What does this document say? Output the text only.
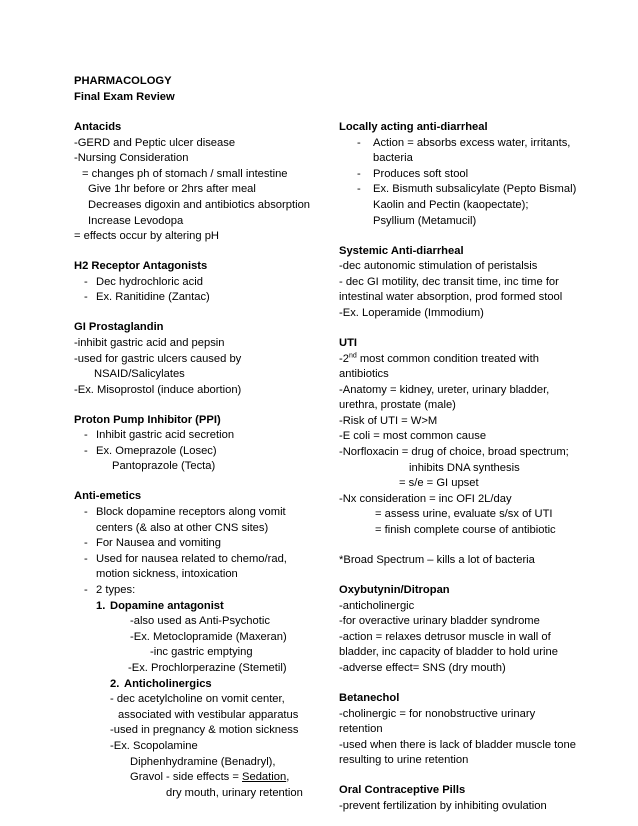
PHARMACOLOGY
Final Exam Review
Antacids
-GERD and Peptic ulcer disease
-Nursing Consideration
= changes ph of stomach / small intestine
Give 1hr before or 2hrs after meal
Decreases digoxin and antibiotics absorption
Increase Levodopa
= effects occur by altering pH
H2 Receptor Antagonists
- Dec hydrochloric acid
- Ex. Ranitidine (Zantac)
GI Prostaglandin
-inhibit gastric acid and pepsin
-used for gastric ulcers caused by
NSAID/Salicylates
-Ex. Misoprostol (induce abortion)
Proton Pump Inhibitor (PPI)
- Inhibit gastric acid secretion
- Ex. Omeprazole (Losec)
Pantoprazole (Tecta)
Anti-emetics
- Block dopamine receptors along vomit
centers (& also at other CNS sites)
- For Nausea and vomiting
- Used for nausea related to chemo/rad,
motion sickness, intoxication
- 2 types:
1. Dopamine antagonist
-also used as Anti-Psychotic
-Ex. Metoclopramide (Maxeran)
-inc gastric emptying
-Ex. Prochlorperazine (Stemetil)
2. Anticholinergics
- dec acetylcholine on vomit center,
associated with vestibular apparatus
-used in pregnancy & motion sickness
-Ex. Scopolamine
Diphenhydramine (Benadryl),
Gravol - side effects = Sedation,
dry mouth, urinary retention
Locally acting anti-diarrheal
- Action = absorbs excess water, irritants,
bacteria
- Produces soft stool
- Ex. Bismuth subsalicylate (Pepto Bismal)
Kaolin and Pectin (kaopectate);
Psyllium (Metamucil)
Systemic Anti-diarrheal
-dec autonomic stimulation of peristalsis
- dec GI motility, dec transit time, inc time for
intestinal water absorption, prod formed stool
-Ex. Loperamide (Immodium)
UTI
-2nd most common condition treated with
antibiotics
-Anatomy = kidney, ureter, urinary bladder,
urethra, prostate (male)
-Risk of UTI = W>M
-E coli = most common cause
-Norfloxacin = drug of choice, broad spectrum;
inhibits DNA synthesis
= s/e = GI upset
-Nx consideration = inc OFI 2L/day
= assess urine, evaluate s/sx of UTI
= finish complete course of antibiotic
*Broad Spectrum – kills a lot of bacteria
Oxybutynin/Ditropan
-anticholinergic
-for overactive urinary bladder syndrome
-action = relaxes detrusor muscle in wall of
bladder, inc capacity of bladder to hold urine
-adverse effect= SNS (dry mouth)
Betanechol
-cholinergic = for nonobstructive urinary
retention
-used when there is lack of bladder muscle tone
resulting to urine retention
Oral Contraceptive Pills
-prevent fertilization by inhibiting ovulation
